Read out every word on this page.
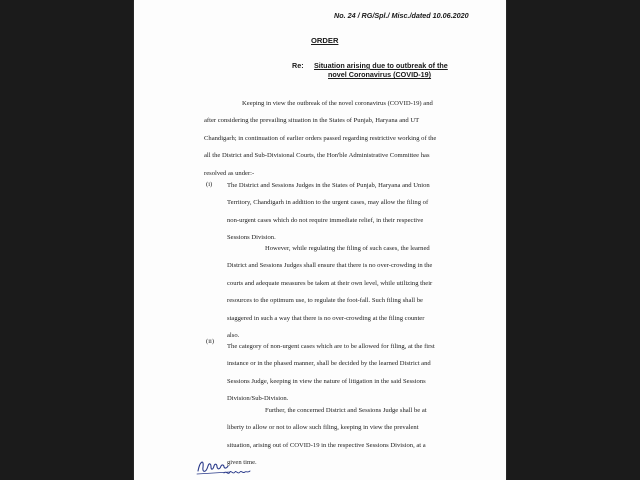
No. 24 / RG/Spl./ Misc./dated 10.06.2020
ORDER
Re: Situation arising due to outbreak of the
novel Coronavirus (COVID-19)
Keeping in view the outbreak of the novel coronavirus (COVID-19) and
after considering the prevailing situation in the States of Punjab, Haryana and UT
Chandigarh; in continuation of earlier orders passed regarding restrictive working of the
all the District and Sub-Divisional Courts, the Hon'ble Administrative Committee has
resolved as under:-
(i) The District and Sessions Judges in the States of Punjab, Haryana and Union
Territory, Chandigarh in addition to the urgent cases, may allow the filing of
non-urgent cases which do not require immediate relief, in their respective
Sessions Division.
However, while regulating the filing of such cases, the learned
District and Sessions Judges shall ensure that there is no over-crowding in the
courts and adequate measures be taken at their own level, while utilizing their
resources to the optimum use, to regulate the foot-fall. Such filing shall be
staggered in such a way that there is no over-crowding at the filing counter
also.
(ii)
The category of non-urgent cases which are to be allowed for filing, at the first
instance or in the phased manner, shall be decided by the learned District and
Sessions Judge, keeping in view the nature of litigation in the said Sessions
Division/Sub-Division.
Further, the concerned District and Sessions Judge shall be at
liberty to allow or not to allow such filing, keeping in view the prevalent
situation, arising out of COVID-19 in the respective Sessions Division, at a
given time.
